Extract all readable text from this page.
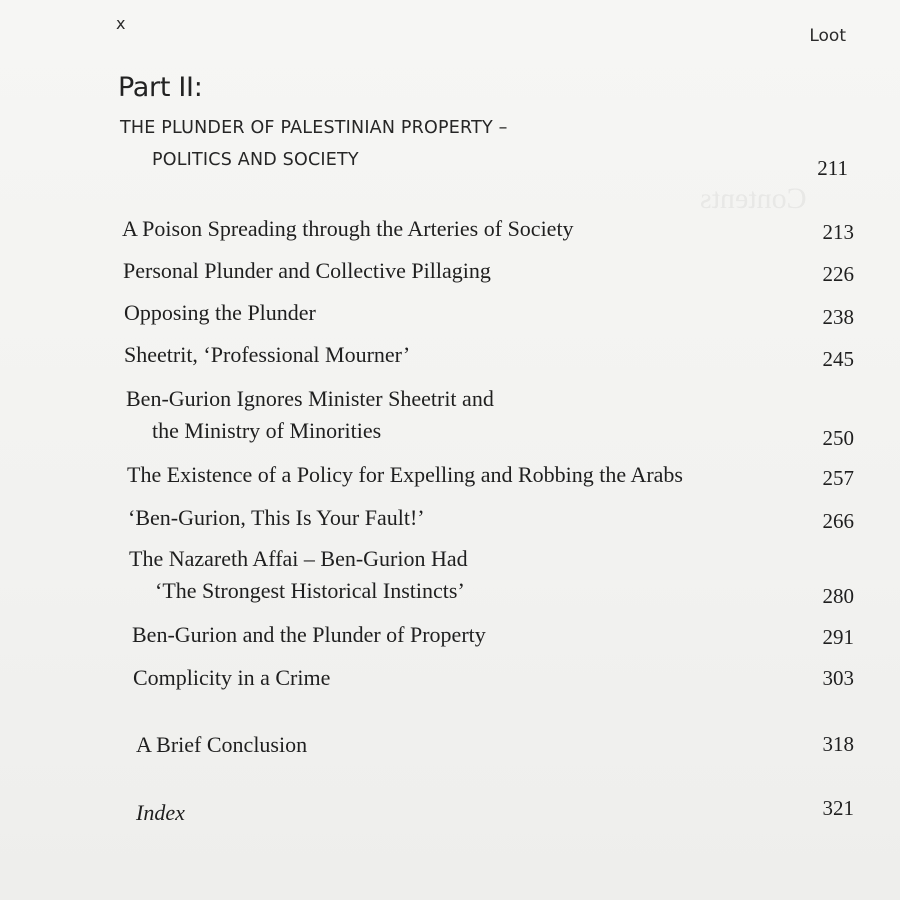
Contents
x
Loot
Part II:
THE PLUNDER OF PALESTINIAN PROPERTY –
POLITICS AND SOCIETY	211
A Poison Spreading through the Arteries of Society	213
Personal Plunder and Collective Pillaging	226
Opposing the Plunder	238
Sheetrit, ‘Professional Mourner’	245
Ben-Gurion Ignores Minister Sheetrit and
the Ministry of Minorities	250
The Existence of a Policy for Expelling and Robbing the Arabs	257
‘Ben-Gurion, This Is Your Fault!’	266
The Nazareth Affai – Ben-Gurion Had
‘The Strongest Historical Instincts’	280
Ben-Gurion and the Plunder of Property	291
Complicity in a Crime	303
A Brief Conclusion	318
Index	321
